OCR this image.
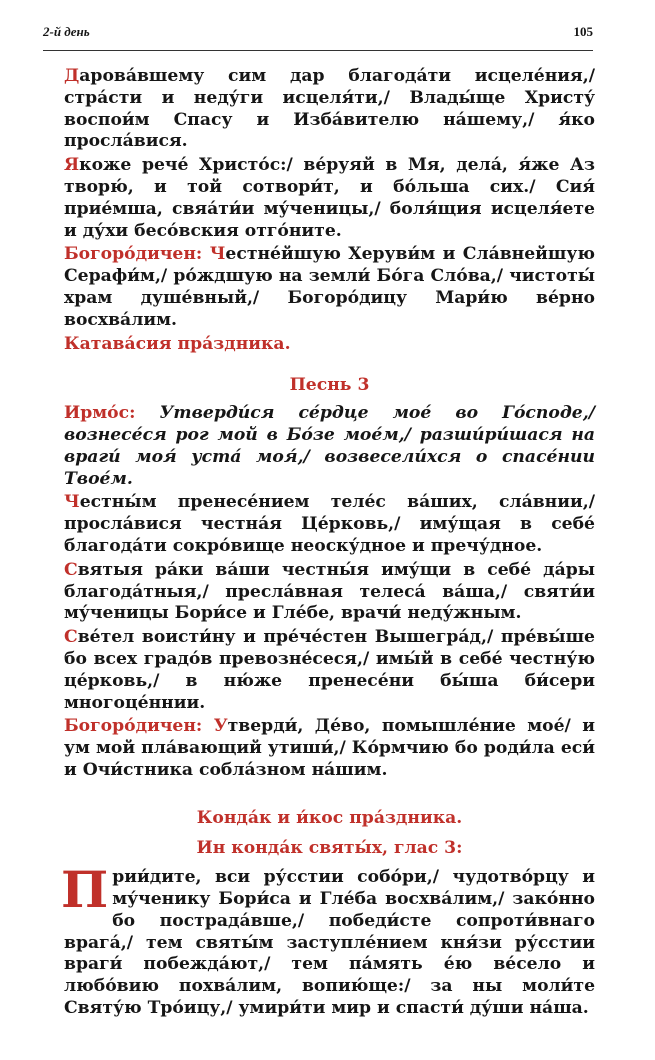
2-й день	105

Дарова́вшему сим дар благода́ти исцеле́ния,/ стра́сти и неду́ги исцеля́ти,/ Влады́ще Христу́ воспои́м Спасу и Изба́вителю на́шему,/ я́ко просла́вися.

Якоже рече́ Христо́с:/ ве́руяй в Мя, дела́, я́же Аз творю́, и той сотвори́т, и бо́льша сих./ Сия́ прие́мша, свяа́ти́и му́ченицы,/ боля́щия исцеля́ете и ду́хи бесо́вския отго́ните.

Богоро́дичен: Честне́йшую Херуви́м и Сла́внейшую Серафи́м,/ ро́ждшую на земли́ Бо́га Сло́ва,/ чистоты́ храм душе́вный,/ Богоро́дицу Мари́ю ве́рно восхва́лим.

Катава́сия пра́здника.

Песнь 3

Ирмо́с: Утверди́ся се́рдце мое́ во Го́споде,/ вознесе́ся рог мой в Бо́зе мое́м,/ разши́ри́шася на враги́ моя́ уста́ моя́,/ возвесели́хся о спасе́нии Твое́м.

Честны́м пренесе́нием теле́с ва́ших, сла́внии,/ просла́вися честна́я Це́рковь,/ иму́щая в себе́ благода́ти сокро́вище неоску́дное и пречу́дное.

Святыя ра́ки ва́ши честны́я иму́щи в себе́ да́ры благода́тныя,/ пресла́вная телеса́ ва́ша,/ святи́и му́ченицы Бори́се и Гле́бе, врачи́ неду́жным.

Све́тел воисти́ну и пре́че́стен Вышегра́д,/ пре́вы́ше бо всех градо́в превозне́сеся,/ имы́й в себе́ честну́ю це́рковь,/ в ню́же пренесе́ни бы́ша би́сери многоце́ннии.

Богоро́дичен: Утверди́, Де́во, помышле́ние мое́/ и ум мой пла́вающий утиши́,/ Ко́рмчию бо роди́ла еси́ и Очи́стника собла́зном на́шим.

Конда́к и и́кос пра́здника.

Ин конда́к святы́х, глас 3:

П рии́дите, вси ру́сстии собо́ри,/ чудотво́рцу и му́ченику Бори́са и Гле́ба восхва́лим,/ зако́нно бо пострада́вше,/ победи́сте сопроти́внаго врага́,/ тем святы́м заступле́нием кня́зи ру́сстии враги́ побежда́ют,/ тем па́мять е́ю ве́село и любо́вию похва́лим, вопию́ще:/ за ны моли́те Святу́ю Тро́ицу,/ умири́ти мир и спасти́ ду́ши на́ша.
